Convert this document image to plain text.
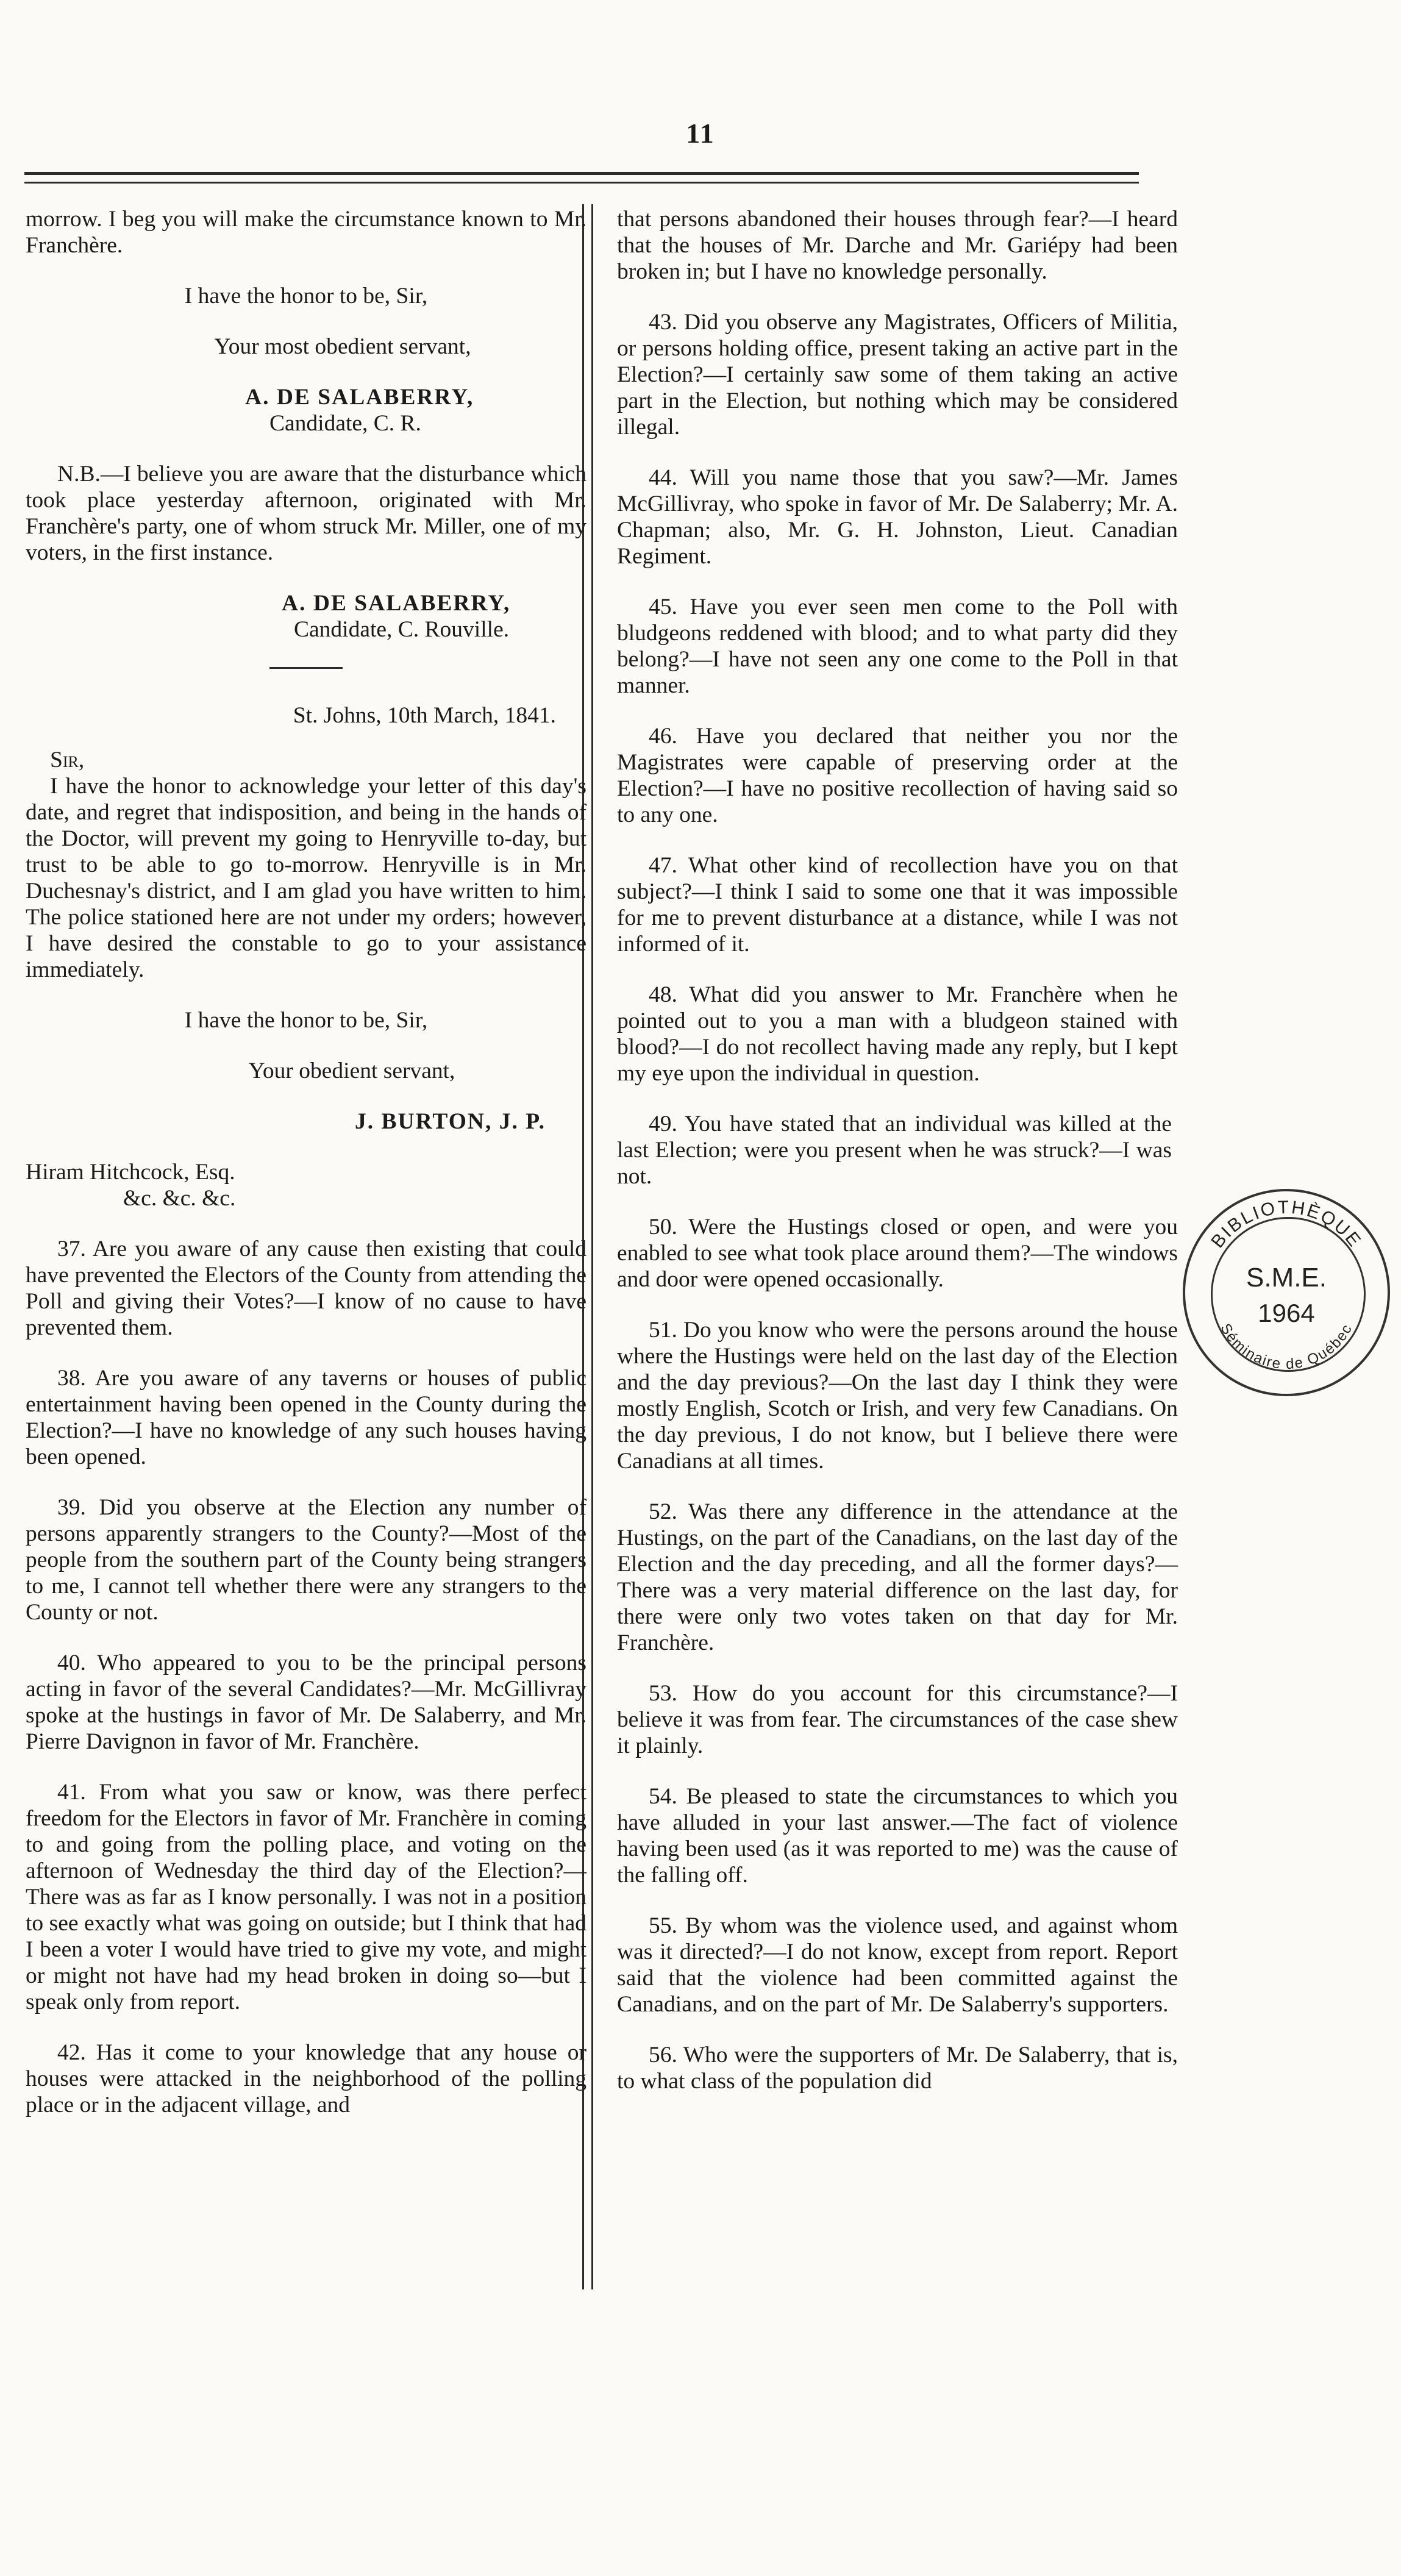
11

morrow. I beg you will make the circumstance known to Mr. Franchère.

I have the honor to be, Sir,

Your most obedient servant,

A. DE SALABERRY,
Candidate, C. R.

N.B.—I believe you are aware that the disturbance which took place yesterday afternoon, originated with Mr. Franchère's party, one of whom struck Mr. Miller, one of my voters, in the first instance.

A. DE SALABERRY,
Candidate, C. Rouville.

St. Johns, 10th March, 1841.

Sir,

I have the honor to acknowledge your letter of this day's date, and regret that indisposition, and being in the hands of the Doctor, will prevent my going to Henryville to-day, but trust to be able to go to-morrow. Henryville is in Mr. Duchesnay's district, and I am glad you have written to him. The police stationed here are not under my orders; however, I have desired the constable to go to your assistance immediately.

I have the honor to be, Sir,

Your obedient servant,

J. BURTON, J. P.
Hiram Hitchcock, Esq.
&c. &c. &c.

37. Are you aware of any cause then existing that could have prevented the Electors of the County from attending the Poll and giving their Votes?—I know of no cause to have prevented them.

38. Are you aware of any taverns or houses of public entertainment having been opened in the County during the Election?—I have no knowledge of any such houses having been opened.

39. Did you observe at the Election any number of persons apparently strangers to the County?—Most of the people from the southern part of the County being strangers to me, I cannot tell whether there were any strangers to the County or not.

40. Who appeared to you to be the principal persons acting in favor of the several Candidates?—Mr. McGillivray spoke at the hustings in favor of Mr. De Salaberry, and Mr. Pierre Davignon in favor of Mr. Franchère.

41. From what you saw or know, was there perfect freedom for the Electors in favor of Mr. Franchère in coming to and going from the polling place, and voting on the afternoon of Wednesday the third day of the Election?—There was as far as I know personally. I was not in a position to see exactly what was going on outside; but I think that had I been a voter I would have tried to give my vote, and might or might not have had my head broken in doing so—but I speak only from report.

42. Has it come to your knowledge that any house or houses were attacked in the neighborhood of the polling place or in the adjacent village, and

that persons abandoned their houses through fear?—I heard that the houses of Mr. Darche and Mr. Gariépy had been broken in; but I have no knowledge personally.

43. Did you observe any Magistrates, Officers of Militia, or persons holding office, present taking an active part in the Election?—I certainly saw some of them taking an active part in the Election, but nothing which may be considered illegal.

44. Will you name those that you saw?—Mr. James McGillivray, who spoke in favor of Mr. De Salaberry; Mr. A. Chapman; also, Mr. G. H. Johnston, Lieut. Canadian Regiment.

45. Have you ever seen men come to the Poll with bludgeons reddened with blood; and to what party did they belong?—I have not seen any one come to the Poll in that manner.

46. Have you declared that neither you nor the Magistrates were capable of preserving order at the Election?—I have no positive recollection of having said so to any one.

47. What other kind of recollection have you on that subject?—I think I said to some one that it was impossible for me to prevent disturbance at a distance, while I was not informed of it.

48. What did you answer to Mr. Franchère when he pointed out to you a man with a bludgeon stained with blood?—I do not recollect having made any reply, but I kept my eye upon the individual in question.

49. You have stated that an individual was killed at the last Election; were you present when he was struck?—I was not.

50. Were the Hustings closed or open, and were you enabled to see what took place around them?—The windows and door were opened occasionally.

51. Do you know who were the persons around the house where the Hustings were held on the last day of the Election and the day previous?—On the last day I think they were mostly English, Scotch or Irish, and very few Canadians. On the day previous, I do not know, but I believe there were Canadians at all times.

52. Was there any difference in the attendance at the Hustings, on the part of the Canadians, on the last day of the Election and the day preceding, and all the former days?—There was a very material difference on the last day, for there were only two votes taken on that day for Mr. Franchère.

53. How do you account for this circumstance?—I believe it was from fear. The circumstances of the case shew it plainly.

54. Be pleased to state the circumstances to which you have alluded in your last answer.—The fact of violence having been used (as it was reported to me) was the cause of the falling off.

55. By whom was the violence used, and against whom was it directed?—I do not know, except from report. Report said that the violence had been committed against the Canadians, and on the part of Mr. De Salaberry's supporters.

56. Who were the supporters of Mr. De Salaberry, that is, to what class of the population did

BIBLIOTHÈQUE
Séminaire de Québec
S.M.E.
1964
